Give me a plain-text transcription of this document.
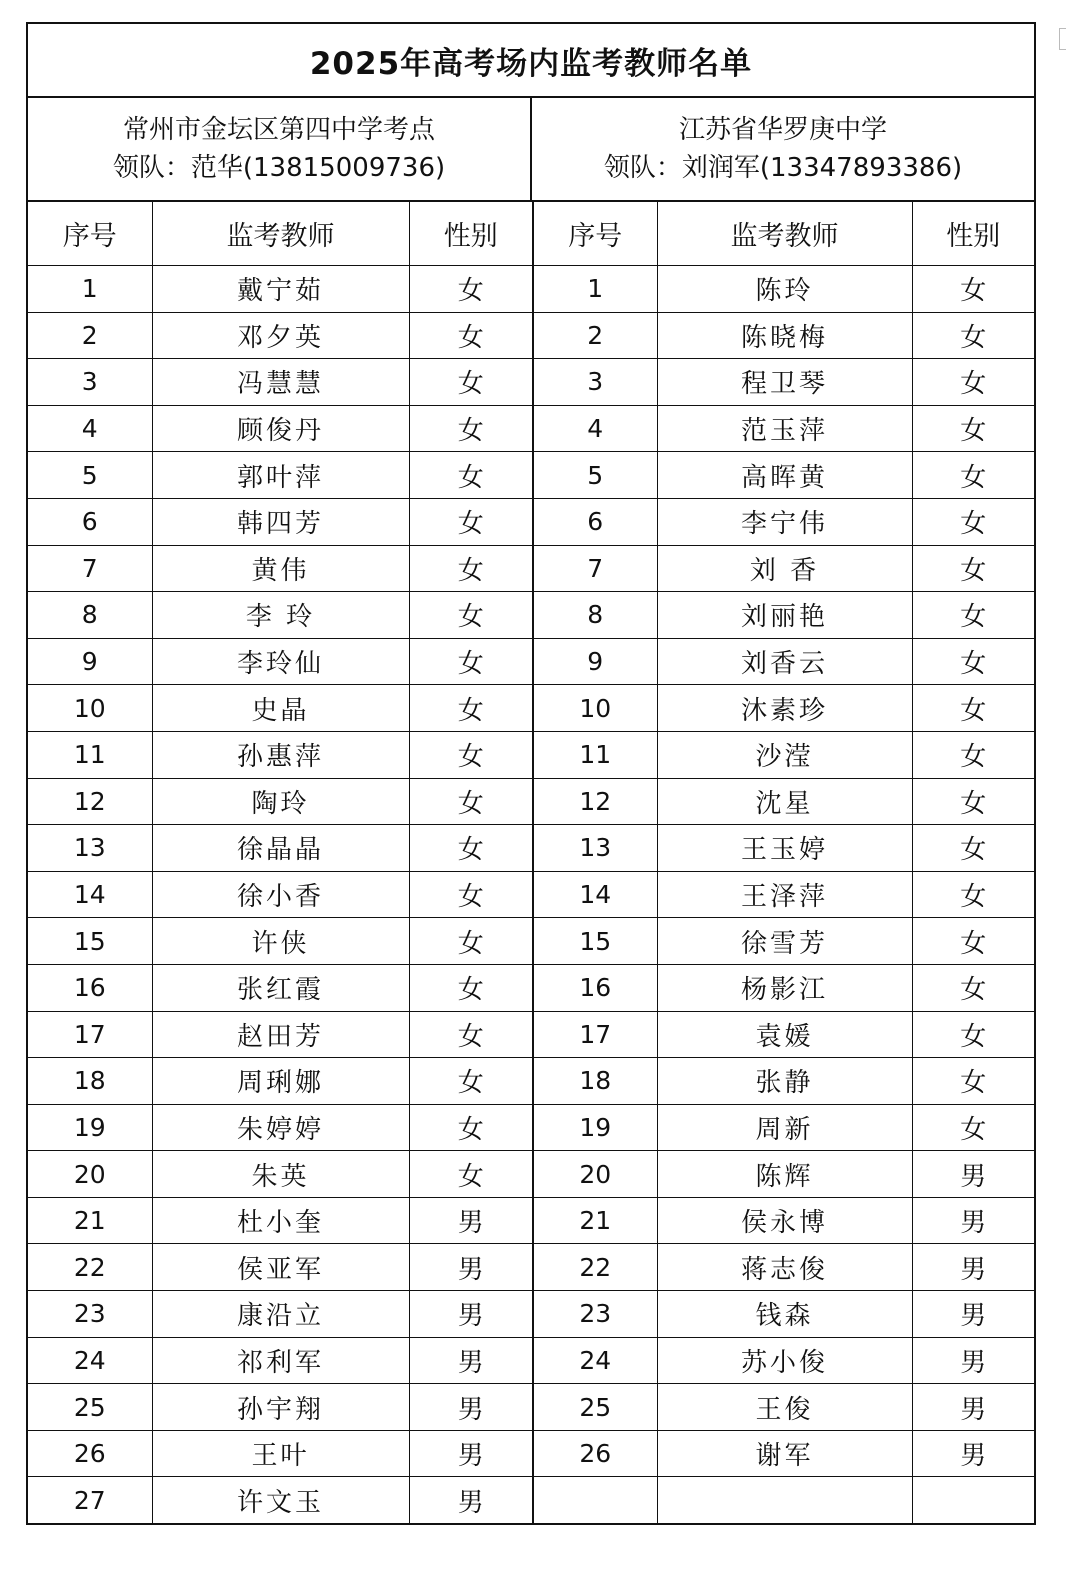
2025年高考场内监考教师名单
常州市金坛区第四中学考点
领队：范华(13815009736)
江苏省华罗庚中学
领队：刘润军(13347893386)
序号	监考教师	性别	序号	监考教师	性别
1	戴宁茹	女	1	陈玲	女
2	邓夕英	女	2	陈晓梅	女
3	冯慧慧	女	3	程卫琴	女
4	顾俊丹	女	4	范玉萍	女
5	郭叶萍	女	5	高晖黄	女
6	韩四芳	女	6	李宁伟	女
7	黄伟	女	7	刘 香	女
8	李 玲	女	8	刘丽艳	女
9	李玲仙	女	9	刘香云	女
10	史晶	女	10	沐素珍	女
11	孙惠萍	女	11	沙滢	女
12	陶玲	女	12	沈星	女
13	徐晶晶	女	13	王玉婷	女
14	徐小香	女	14	王泽萍	女
15	许侠	女	15	徐雪芳	女
16	张红霞	女	16	杨影江	女
17	赵田芳	女	17	袁媛	女
18	周琍娜	女	18	张静	女
19	朱婷婷	女	19	周新	女
20	朱英	女	20	陈辉	男
21	杜小奎	男	21	侯永博	男
22	侯亚军	男	22	蒋志俊	男
23	康沿立	男	23	钱森	男
24	祁利军	男	24	苏小俊	男
25	孙宇翔	男	25	王俊	男
26	王叶	男	26	谢军	男
27	许文玉	男			
